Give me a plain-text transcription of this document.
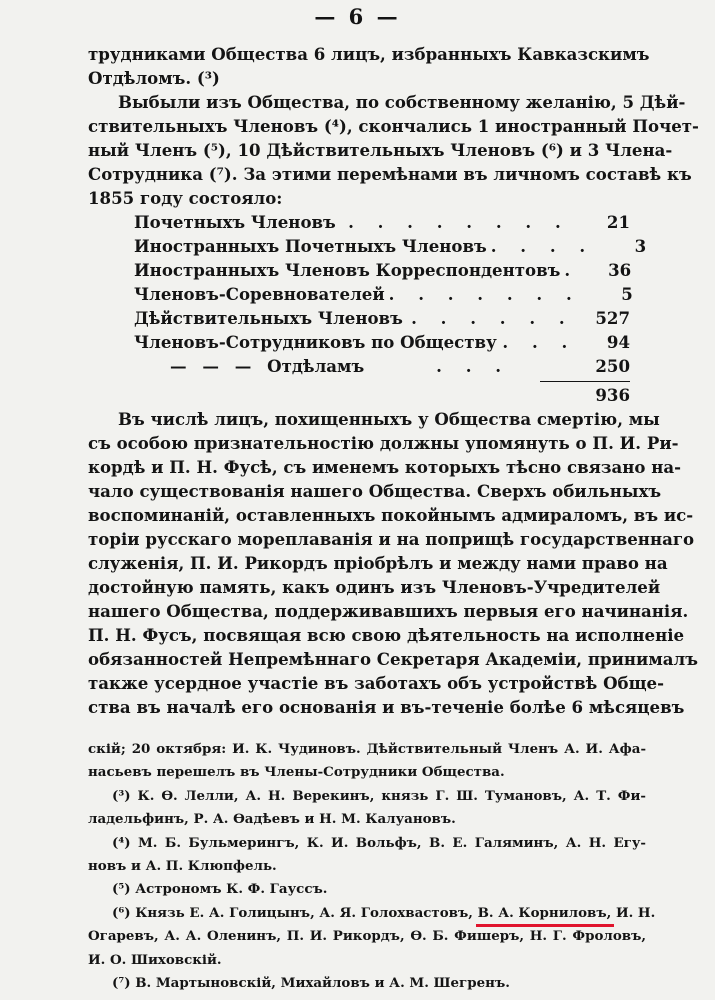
— 6 —
трудниками Общества 6 лицъ, избранныхъ Кавказскимъ
Отдѣломъ. (³)
Выбыли изъ Общества, по собственному желанію, 5 Дѣй-
ствительныхъ Членовъ (⁴), скончались 1 иностранный Почет-
ный Членъ (⁵), 10 Дѣйствительныхъ Членовъ (⁶) и 3 Члена-
Сотрудника (⁷). За этими перемѣнами въ личномъ составѣ къ
1855 году состояло:
Почетныхъ Членовъ . . . . . . . .	21
Иностранныхъ Почетныхъ Членовъ . . . .	3
Иностранныхъ Членовъ Корреспондентовъ .	36
Членовъ-Соревнователей . . . . . . .	5
Дѣйствительныхъ Членовъ . . . . . .	527
Членовъ-Сотрудниковъ по Обществу . . .	94
— — — Отдѣламъ	. . .	250
936
Въ числѣ лицъ, похищенныхъ у Общества смертію, мы
съ особою признательностію должны упомянуть о П. И. Ри-
кордѣ и П. Н. Фусѣ, съ именемъ которыхъ тѣсно связано на-
чало существованія нашего Общества. Сверхъ обильныхъ
воспоминаній, оставленныхъ покойнымъ адмираломъ, въ ис-
торіи русскаго мореплаванія и на поприщѣ государственнаго
служенія, П. И. Рикордъ пріобрѣлъ и между нами право на
достойную память, какъ одинъ изъ Членовъ-Учредителей
нашего Общества, поддерживавшихъ первыя его начинанія.
П. Н. Фусъ, посвящая всю свою дѣятельность на исполненіе
обязанностей Непремѣннаго Секретаря Академіи, принималъ
также усердное участіе въ заботахъ объ устройствѣ Обще-
ства въ началѣ его основанія и въ-теченіе болѣе 6 мѣсяцевъ
скій; 20 октября: И. К. Чудиновъ. Дѣйствительный Членъ А. И. Афа-
насьевъ перешелъ въ Члены-Сотрудники Общества.
(³) К. Ѳ. Лелли, А. Н. Верекинъ, князь Г. Ш. Тумановъ, А. Т. Фи-
ладельфинъ, Р. А. Ѳадѣевъ и Н. М. Калуановъ.
(⁴) М. Б. Бульмерингъ, К. И. Вольфъ, В. Е. Галяминъ, А. Н. Егу-
новъ и А. П. Клюпфель.
(⁵) Астрономъ К. Ф. Гауссъ.
(⁶) Князь Е. А. Голицынъ, А. Я. Голохвастовъ, В. А. Корниловъ, И. Н.
Огаревъ, А. А. Оленинъ, П. И. Рикордъ, Ѳ. Б. Фишеръ, Н. Г. Фроловъ,
И. О. Шиховскій.
(⁷) В. Мартыновскій, Михайловъ и А. М. Шегренъ.
